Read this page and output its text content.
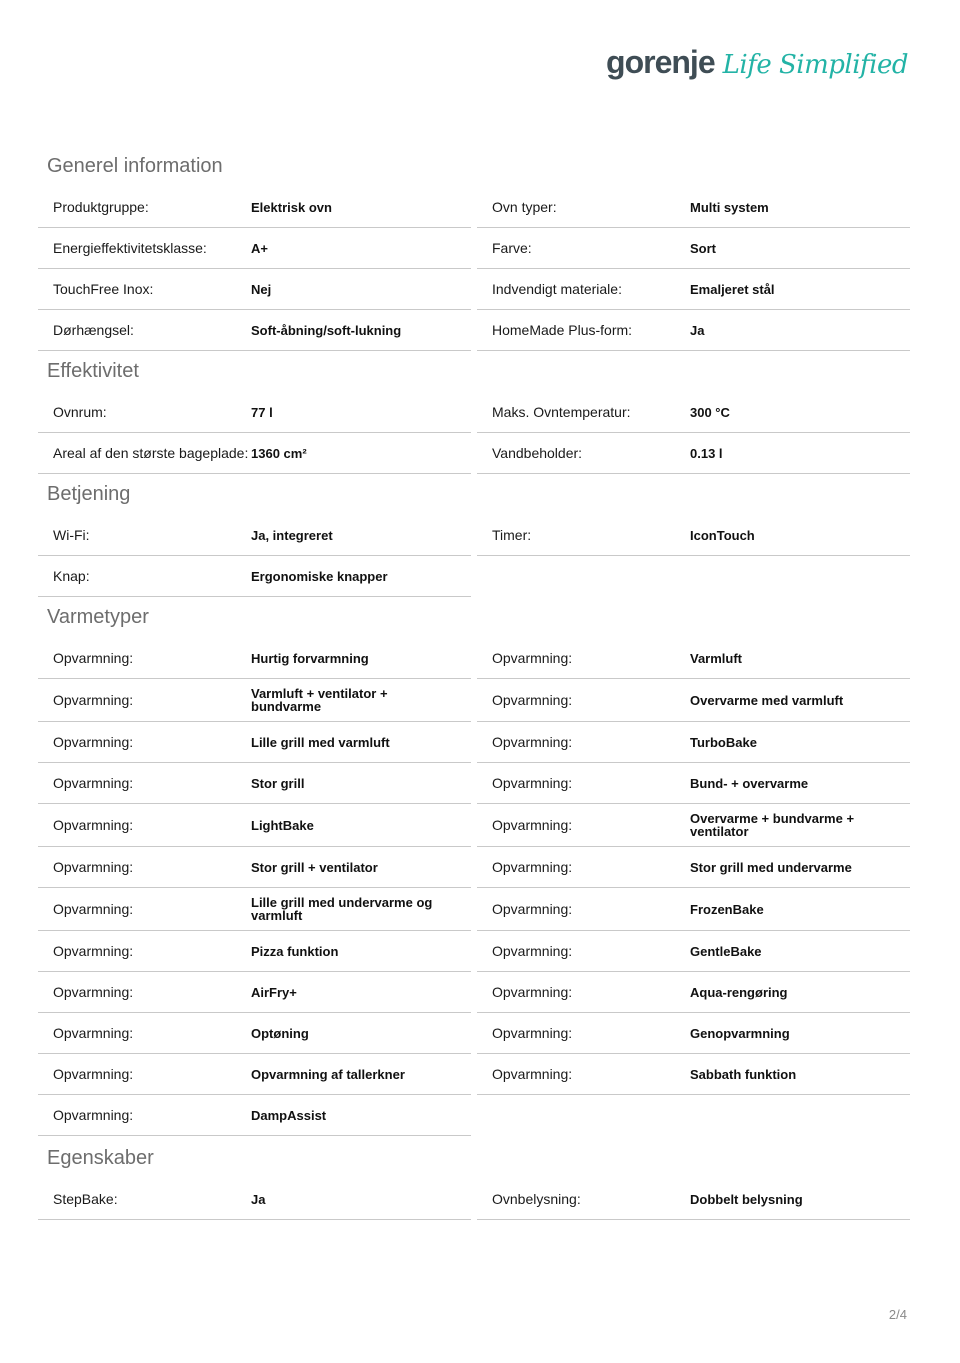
gorenje Life Simplified
Generel information
Produktgruppe:	Elektrisk ovn	Ovn typer:	Multi system
Energieffektivitetsklasse:	A+	Farve:	Sort
TouchFree Inox:	Nej	Indvendigt materiale:	Emaljeret stål
Dørhængsel:	Soft-åbning/soft-lukning	HomeMade Plus-form:	Ja
Effektivitet
Ovnrum:	77 l	Maks. Ovntemperatur:	300 °C
Areal af den største bageplade: 1360 cm²	Vandbeholder:	0.13 l
Betjening
Wi-Fi:	Ja, integreret	Timer:	IconTouch
Knap:	Ergonomiske knapper
Varmetyper
Opvarmning:	Hurtig forvarmning	Opvarmning:	Varmluft
Opvarmning:	Varmluft + ventilator + bundvarme	Opvarmning:	Overvarme med varmluft
Opvarmning:	Lille grill med varmluft	Opvarmning:	TurboBake
Opvarmning:	Stor grill	Opvarmning:	Bund- + overvarme
Opvarmning:	LightBake	Opvarmning:	Overvarme + bundvarme + ventilator
Opvarmning:	Stor grill + ventilator	Opvarmning:	Stor grill med undervarme
Opvarmning:	Lille grill med undervarme og varmluft	Opvarmning:	FrozenBake
Opvarmning:	Pizza funktion	Opvarmning:	GentleBake
Opvarmning:	AirFry+	Opvarmning:	Aqua-rengøring
Opvarmning:	Optøning	Opvarmning:	Genopvarmning
Opvarmning:	Opvarmning af tallerkner	Opvarmning:	Sabbath funktion
Opvarmning:	DampAssist
Egenskaber
StepBake:	Ja	Ovnbelysning:	Dobbelt belysning
2/4
